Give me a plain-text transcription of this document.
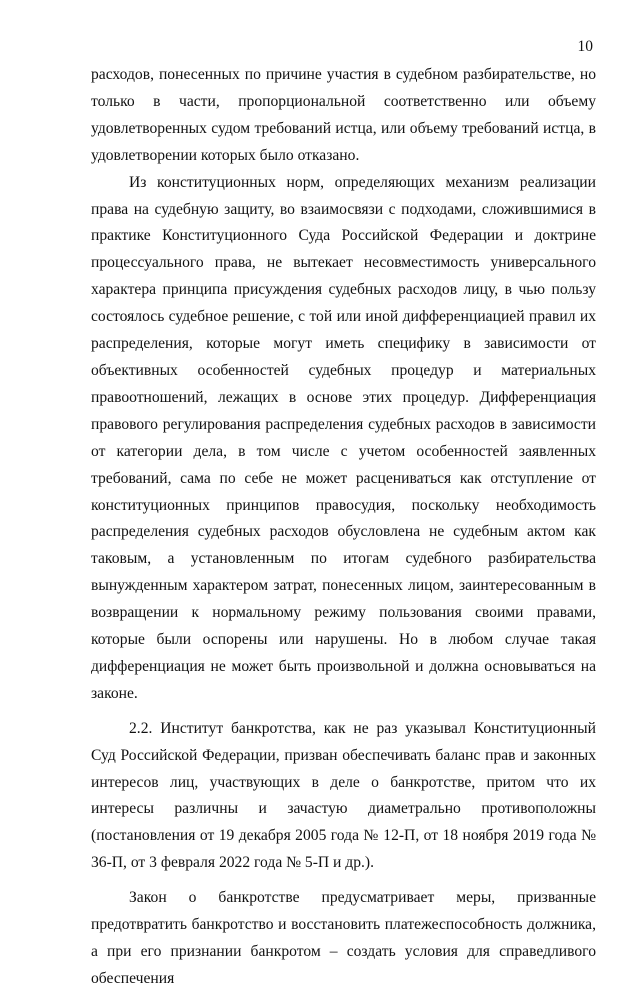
10

расходов, понесенных по причине участия в судебном разбирательстве, но только в части, пропорциональной соответственно или объему удовлетворенных судом требований истца, или объему требований истца, в удовлетворении которых было отказано.

Из конституционных норм, определяющих механизм реализации права на судебную защиту, во взаимосвязи с подходами, сложившимися в практике Конституционного Суда Российской Федерации и доктрине процессуального права, не вытекает несовместимость универсального характера принципа присуждения судебных расходов лицу, в чью пользу состоялось судебное решение, с той или иной дифференциацией правил их распределения, которые могут иметь специфику в зависимости от объективных особенностей судебных процедур и материальных правоотношений, лежащих в основе этих процедур. Дифференциация правового регулирования распределения судебных расходов в зависимости от категории дела, в том числе с учетом особенностей заявленных требований, сама по себе не может расцениваться как отступление от конституционных принципов правосудия, поскольку необходимость распределения судебных расходов обусловлена не судебным актом как таковым, а установленным по итогам судебного разбирательства вынужденным характером затрат, понесенных лицом, заинтересованным в возвращении к нормальному режиму пользования своими правами, которые были оспорены или нарушены. Но в любом случае такая дифференциация не может быть произвольной и должна основываться на законе.

2.2. Институт банкротства, как не раз указывал Конституционный Суд Российской Федерации, призван обеспечивать баланс прав и законных интересов лиц, участвующих в деле о банкротстве, притом что их интересы различны и зачастую диаметрально противоположны (постановления от 19 декабря 2005 года № 12-П, от 18 ноября 2019 года № 36-П, от 3 февраля 2022 года № 5-П и др.).

Закон о банкротстве предусматривает меры, призванные предотвратить банкротство и восстановить платежеспособность должника, а при его признании банкротом – создать условия для справедливого обеспечения
